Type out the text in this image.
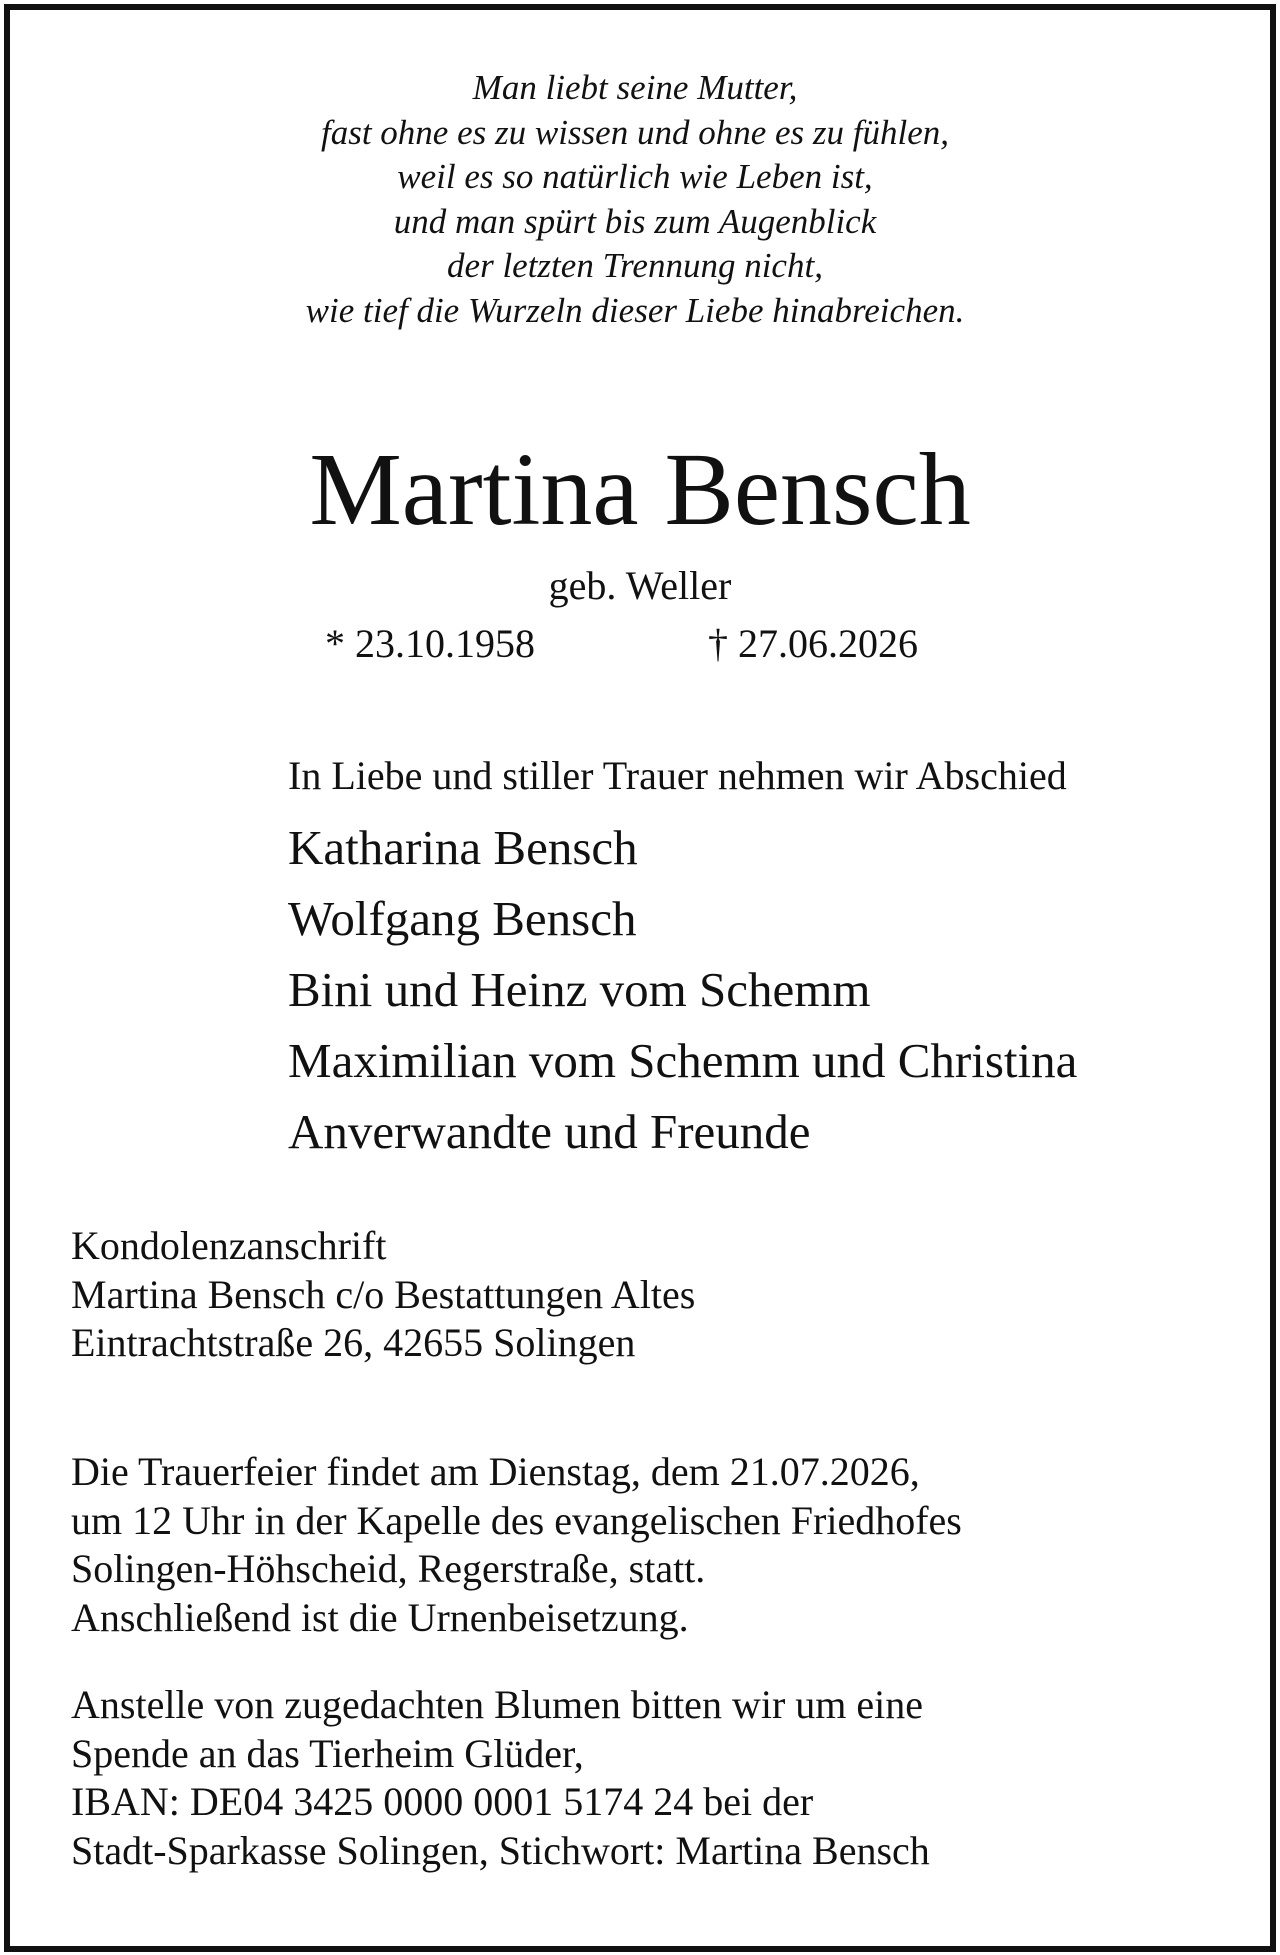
Man liebt seine Mutter,
fast ohne es zu wissen und ohne es zu fühlen,
weil es so natürlich wie Leben ist,
und man spürt bis zum Augenblick
der letzten Trennung nicht,
wie tief die Wurzeln dieser Liebe hinabreichen.
Martina Bensch
geb. Weller
* 23.10.1958	† 27.06.2026
In Liebe und stiller Trauer nehmen wir Abschied
Katharina Bensch
Wolfgang Bensch
Bini und Heinz vom Schemm
Maximilian vom Schemm und Christina
Anverwandte und Freunde
Kondolenzanschrift
Martina Bensch c/o Bestattungen Altes
Eintrachtstraße 26, 42655 Solingen
Die Trauerfeier findet am Dienstag, dem 21.07.2026,
um 12 Uhr in der Kapelle des evangelischen Friedhofes
Solingen-Höhscheid, Regerstraße, statt.
Anschließend ist die Urnenbeisetzung.
Anstelle von zugedachten Blumen bitten wir um eine
Spende an das Tierheim Glüder,
IBAN: DE04 3425 0000 0001 5174 24 bei der
Stadt-Sparkasse Solingen, Stichwort: Martina Bensch
